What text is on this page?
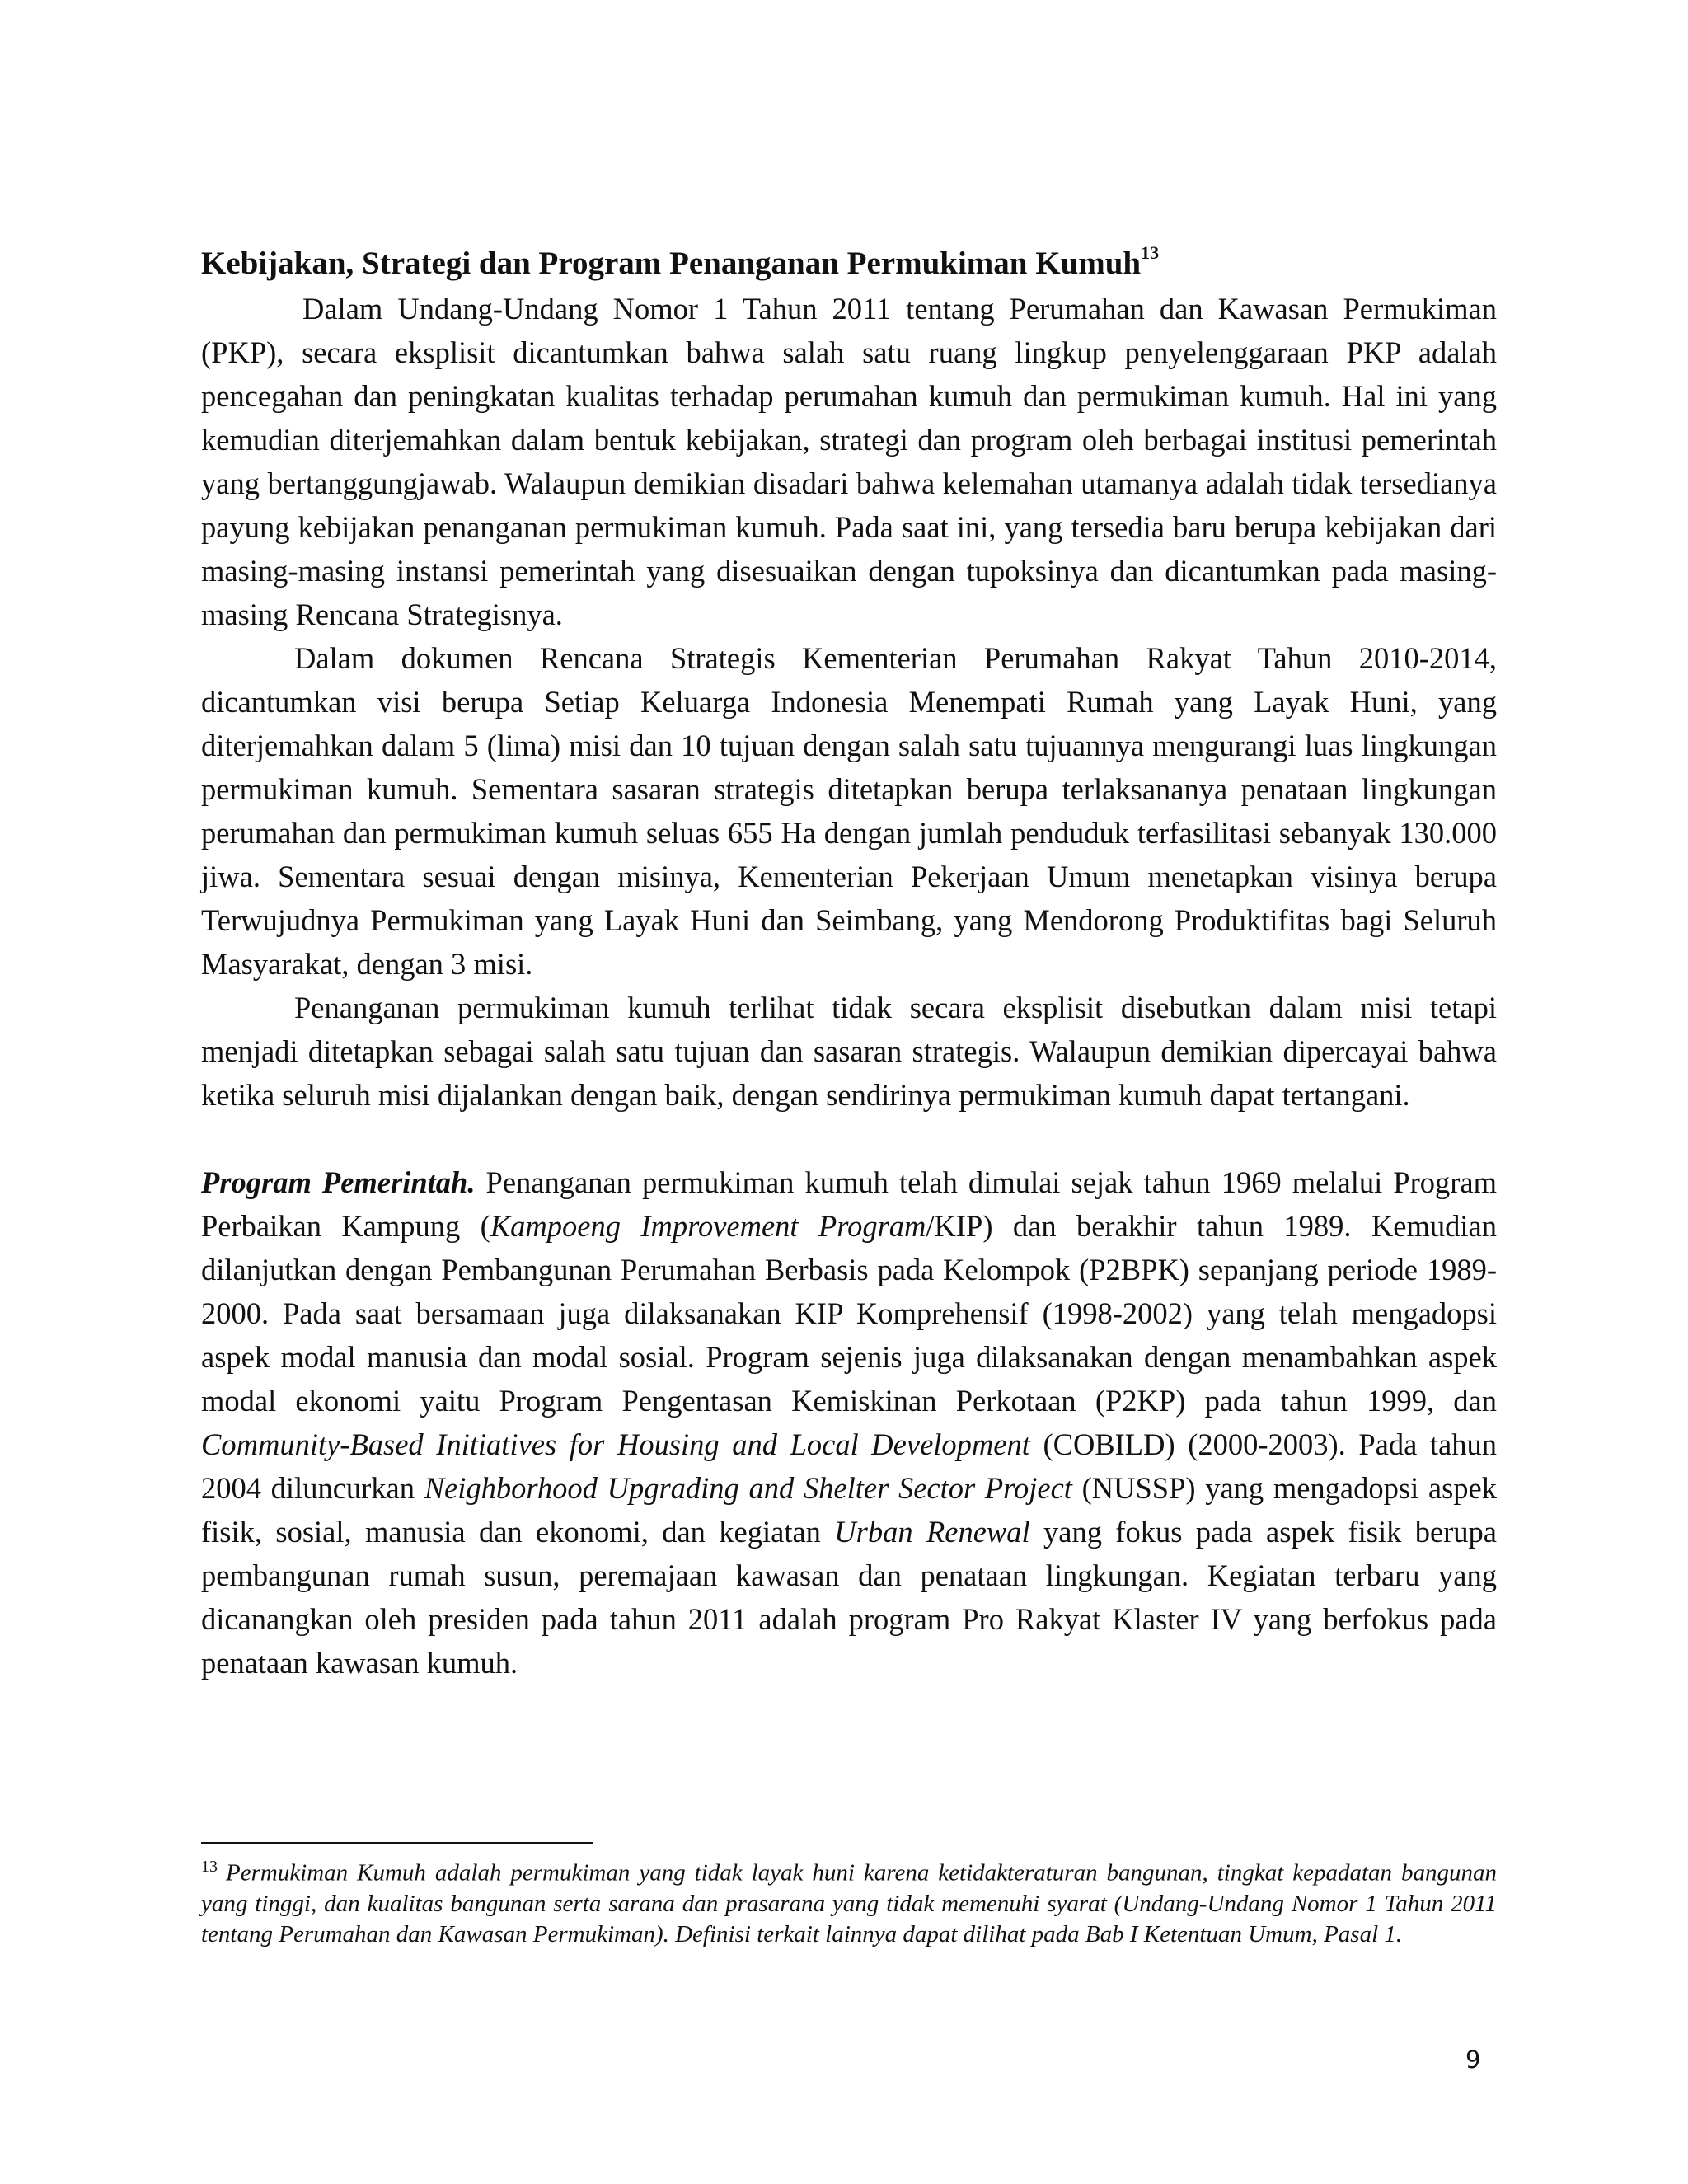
Kebijakan, Strategi dan Program Penanganan Permukiman Kumuh$^{13}$

Dalam Undang-Undang Nomor 1 Tahun 2011 tentang Perumahan dan Kawasan Permukiman (PKP), secara eksplisit dicantumkan bahwa salah satu ruang lingkup penyelenggaraan PKP adalah pencegahan dan peningkatan kualitas terhadap perumahan kumuh dan permukiman kumuh. Hal ini yang kemudian diterjemahkan dalam bentuk kebijakan, strategi dan program oleh berbagai institusi pemerintah yang bertanggungjawab. Walaupun demikian disadari bahwa kelemahan utamanya adalah tidak tersedianya payung kebijakan penanganan permukiman kumuh. Pada saat ini, yang tersedia baru berupa kebijakan dari masing-masing instansi pemerintah yang disesuaikan dengan tupoksinya dan dicantumkan pada masing-masing Rencana Strategisnya.

Dalam dokumen Rencana Strategis Kementerian Perumahan Rakyat Tahun 2010-2014, dicantumkan visi berupa Setiap Keluarga Indonesia Menempati Rumah yang Layak Huni, yang diterjemahkan dalam 5 (lima) misi dan 10 tujuan dengan salah satu tujuannya mengurangi luas lingkungan permukiman kumuh. Sementara sasaran strategis ditetapkan berupa terlaksananya penataan lingkungan perumahan dan permukiman kumuh seluas 655 Ha dengan jumlah penduduk terfasilitasi sebanyak 130.000 jiwa. Sementara sesuai dengan misinya, Kementerian Pekerjaan Umum menetapkan visinya berupa Terwujudnya Permukiman yang Layak Huni dan Seimbang, yang Mendorong Produktifitas bagi Seluruh Masyarakat, dengan 3 misi.

Penanganan permukiman kumuh terlihat tidak secara eksplisit disebutkan dalam misi tetapi menjadi ditetapkan sebagai salah satu tujuan dan sasaran strategis. Walaupun demikian dipercayai bahwa ketika seluruh misi dijalankan dengan baik, dengan sendirinya permukiman kumuh dapat tertangani.

Program Pemerintah. Penanganan permukiman kumuh telah dimulai sejak tahun 1969 melalui Program Perbaikan Kampung (Kampoeng Improvement Program/KIP) dan berakhir tahun 1989. Kemudian dilanjutkan dengan Pembangunan Perumahan Berbasis pada Kelompok (P2BPK) sepanjang periode 1989-2000. Pada saat bersamaan juga dilaksanakan KIP Komprehensif (1998-2002) yang telah mengadopsi aspek modal manusia dan modal sosial. Program sejenis juga dilaksanakan dengan menambahkan aspek modal ekonomi yaitu Program Pengentasan Kemiskinan Perkotaan (P2KP) pada tahun 1999, dan Community-Based Initiatives for Housing and Local Development (COBILD) (2000-2003). Pada tahun 2004 diluncurkan Neighborhood Upgrading and Shelter Sector Project (NUSSP) yang mengadopsi aspek fisik, sosial, manusia dan ekonomi, dan kegiatan Urban Renewal yang fokus pada aspek fisik berupa pembangunan rumah susun, peremajaan kawasan dan penataan lingkungan. Kegiatan terbaru yang dicanangkan oleh presiden pada tahun 2011 adalah program Pro Rakyat Klaster IV yang berfokus pada penataan kawasan kumuh.

$^{13}$ Permukiman Kumuh adalah permukiman yang tidak layak huni karena ketidakteraturan bangunan, tingkat kepadatan bangunan yang tinggi, dan kualitas bangunan serta sarana dan prasarana yang tidak memenuhi syarat (Undang-Undang Nomor 1 Tahun 2011 tentang Perumahan dan Kawasan Permukiman). Definisi terkait lainnya dapat dilihat pada Bab I Ketentuan Umum, Pasal 1.
9
